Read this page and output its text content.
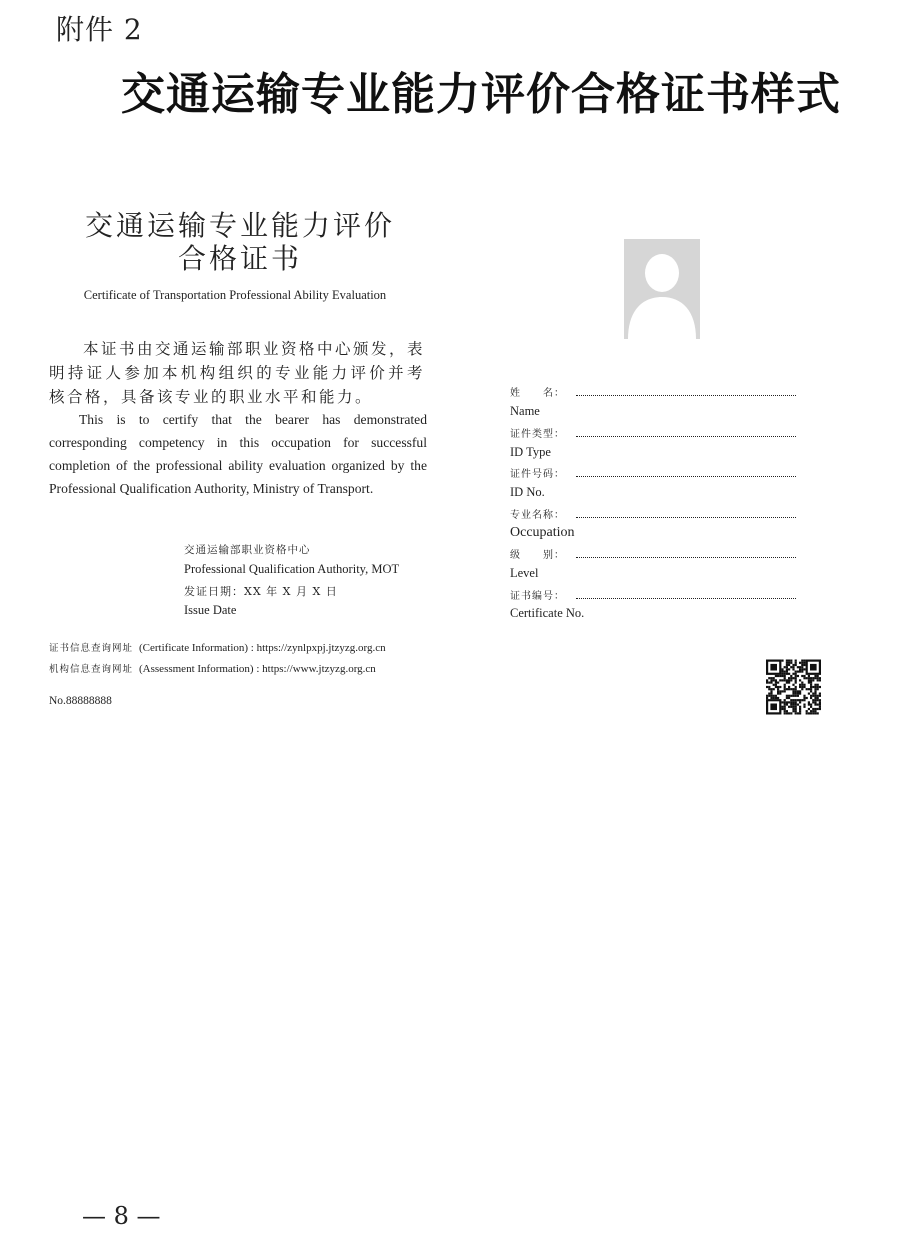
附件 2
交通运输专业能力评价合格证书样式
交通运输专业能力评价
合格证书
Certificate of Transportation Professional Ability Evaluation
本证书由交通运输部职业资格中心颁发，表明持证人参加本机构组织的专业能力评价并考核合格，具备该专业的职业水平和能力。
This is to certify that the bearer has demonstrated corresponding competency in this occupation for successful completion of the professional ability evaluation organized by the Professional Qualification Authority, Ministry of Transport.
交通运输部职业资格中心
Professional Qualification Authority, MOT
发证日期：XX 年 X 月 X 日
Issue Date
证书信息查询网址 (Certificate Information) : https://zynlpxpj.jtzyzg.org.cn
机构信息查询网址 (Assessment Information) : https://www.jtzyzg.org.cn
No.88888888
姓　　名：
Name
证件类型：
ID Type
证件号码：
ID No.
专业名称：
Occupation
级　　别：
Level
证书编号：
Certificate No.
— 8 —
